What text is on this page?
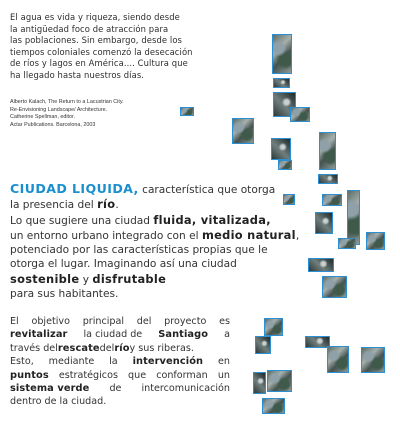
El agua es vida y riqueza, siendo desde
la antigüedad foco de atracción para
las poblaciones. Sin embargo, desde los
tiempos coloniales comenzó la desecación
de ríos y lagos en América.... Cultura que
ha llegado hasta nuestros días.
Alberto Kalach, The Return to a Lacustrian City.
Re-Envisioning Landscape/ Architecture.
Catherine Spellman, editor.
Actar Publications. Barcelona, 2003
CIUDAD LIQUIDA, característica que otorga
la presencia del río.
Lo que sugiere una ciudad fluida, vitalizada,
un entorno urbano integrado con el medio natural,
potenciado por las características propias que le
otorga el lugar. Imaginando así una ciudad
sostenible y disfrutable
para sus habitantes.
El objetivo principal del proyecto es
revitalizar la ciudad de Santiago a
través del rescate del río y sus riberas.
Esto, mediante la intervención en
puntos estratégicos que conforman un
sistema verde de intercomunicación
dentro de la ciudad.
